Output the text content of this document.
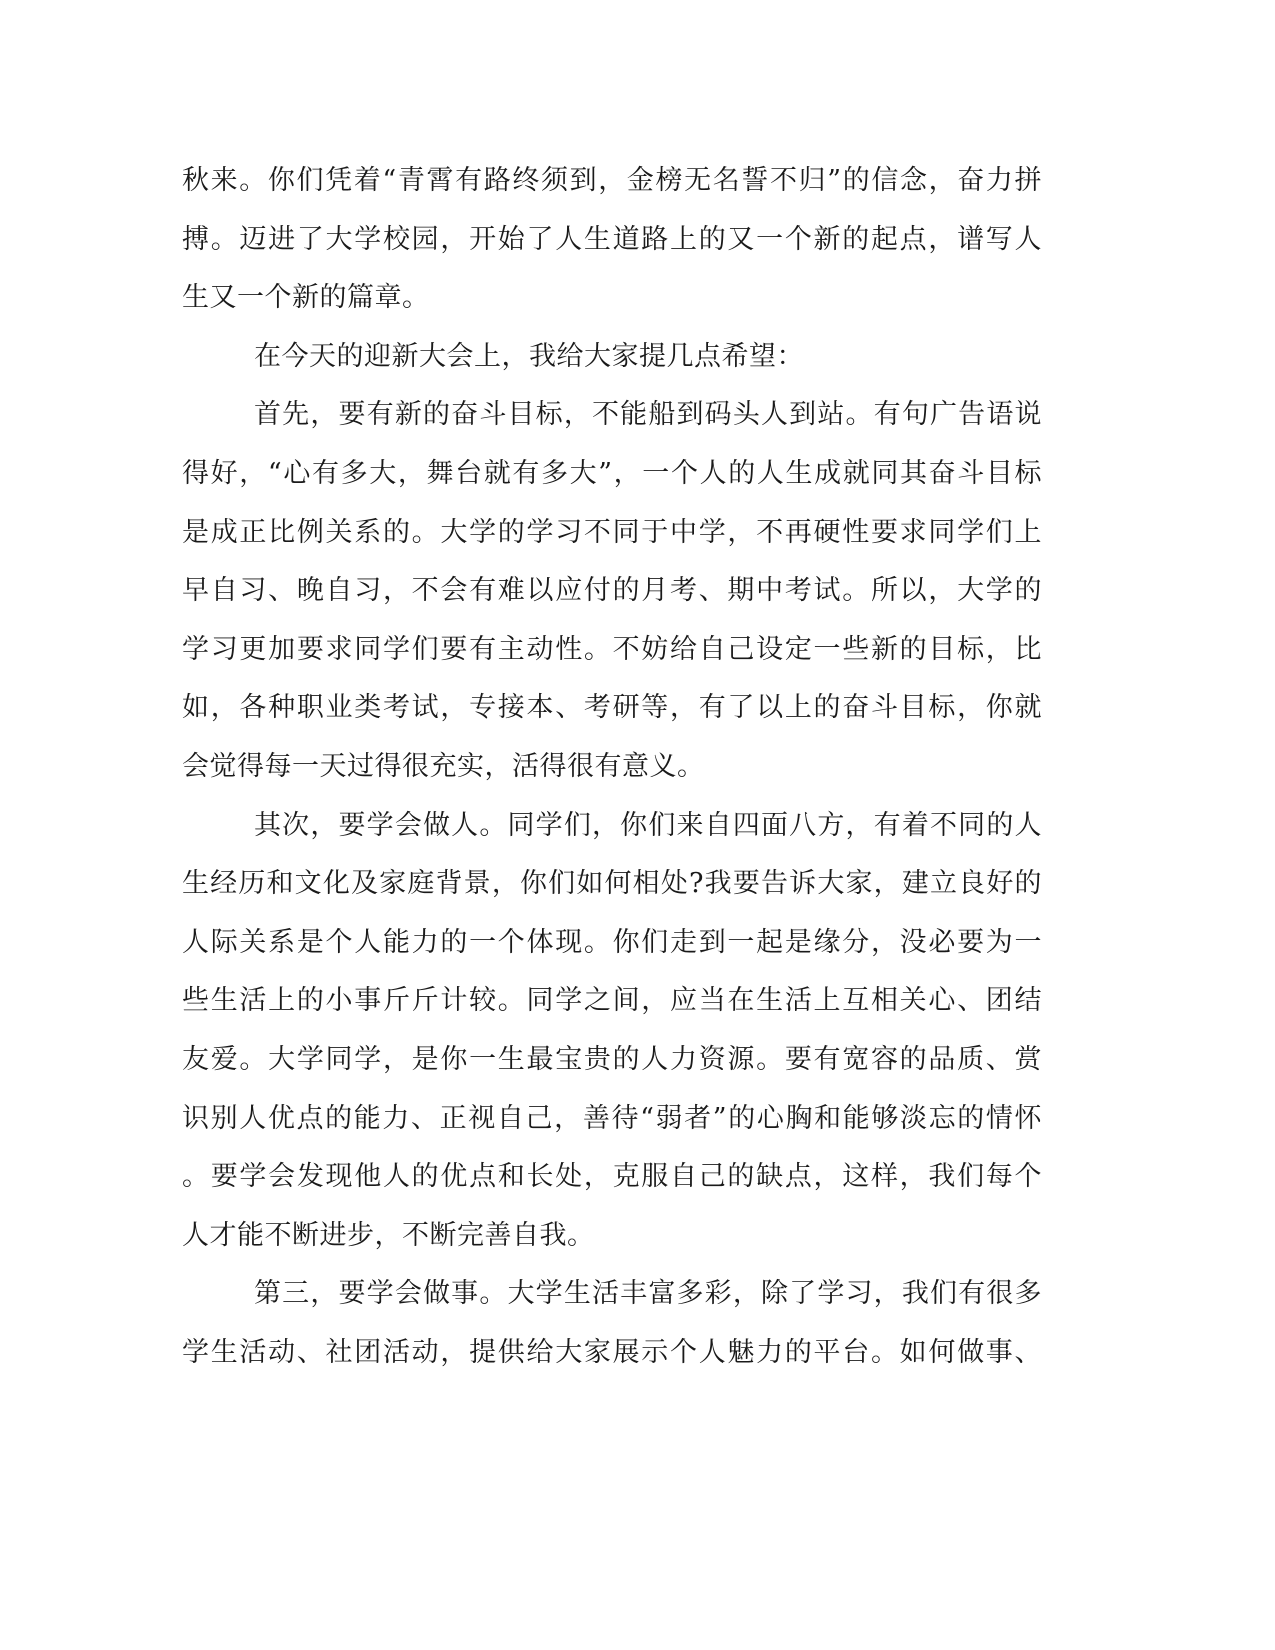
秋来。你们凭着“青霄有路终须到，金榜无名誓不归”的信念，奋力拼
搏。迈进了大学校园，开始了人生道路上的又一个新的起点，谱写人
生又一个新的篇章。
在今天的迎新大会上，我给大家提几点希望：
首先，要有新的奋斗目标，不能船到码头人到站。有句广告语说
得好，“心有多大，舞台就有多大”，一个人的人生成就同其奋斗目标
是成正比例关系的。大学的学习不同于中学，不再硬性要求同学们上
早自习、晚自习，不会有难以应付的月考、期中考试。所以，大学的
学习更加要求同学们要有主动性。不妨给自己设定一些新的目标，比
如，各种职业类考试，专接本、考研等，有了以上的奋斗目标，你就
会觉得每一天过得很充实，活得很有意义。
其次，要学会做人。同学们，你们来自四面八方，有着不同的人
生经历和文化及家庭背景，你们如何相处?我要告诉大家，建立良好的
人际关系是个人能力的一个体现。你们走到一起是缘分，没必要为一
些生活上的小事斤斤计较。同学之间，应当在生活上互相关心、团结
友爱。大学同学，是你一生最宝贵的人力资源。要有宽容的品质、赏
识别人优点的能力、正视自己，善待“弱者”的心胸和能够淡忘的情怀
。要学会发现他人的优点和长处，克服自己的缺点，这样，我们每个
人才能不断进步，不断完善自我。
第三，要学会做事。大学生活丰富多彩，除了学习，我们有很多
学生活动、社团活动，提供给大家展示个人魅力的平台。如何做事、
